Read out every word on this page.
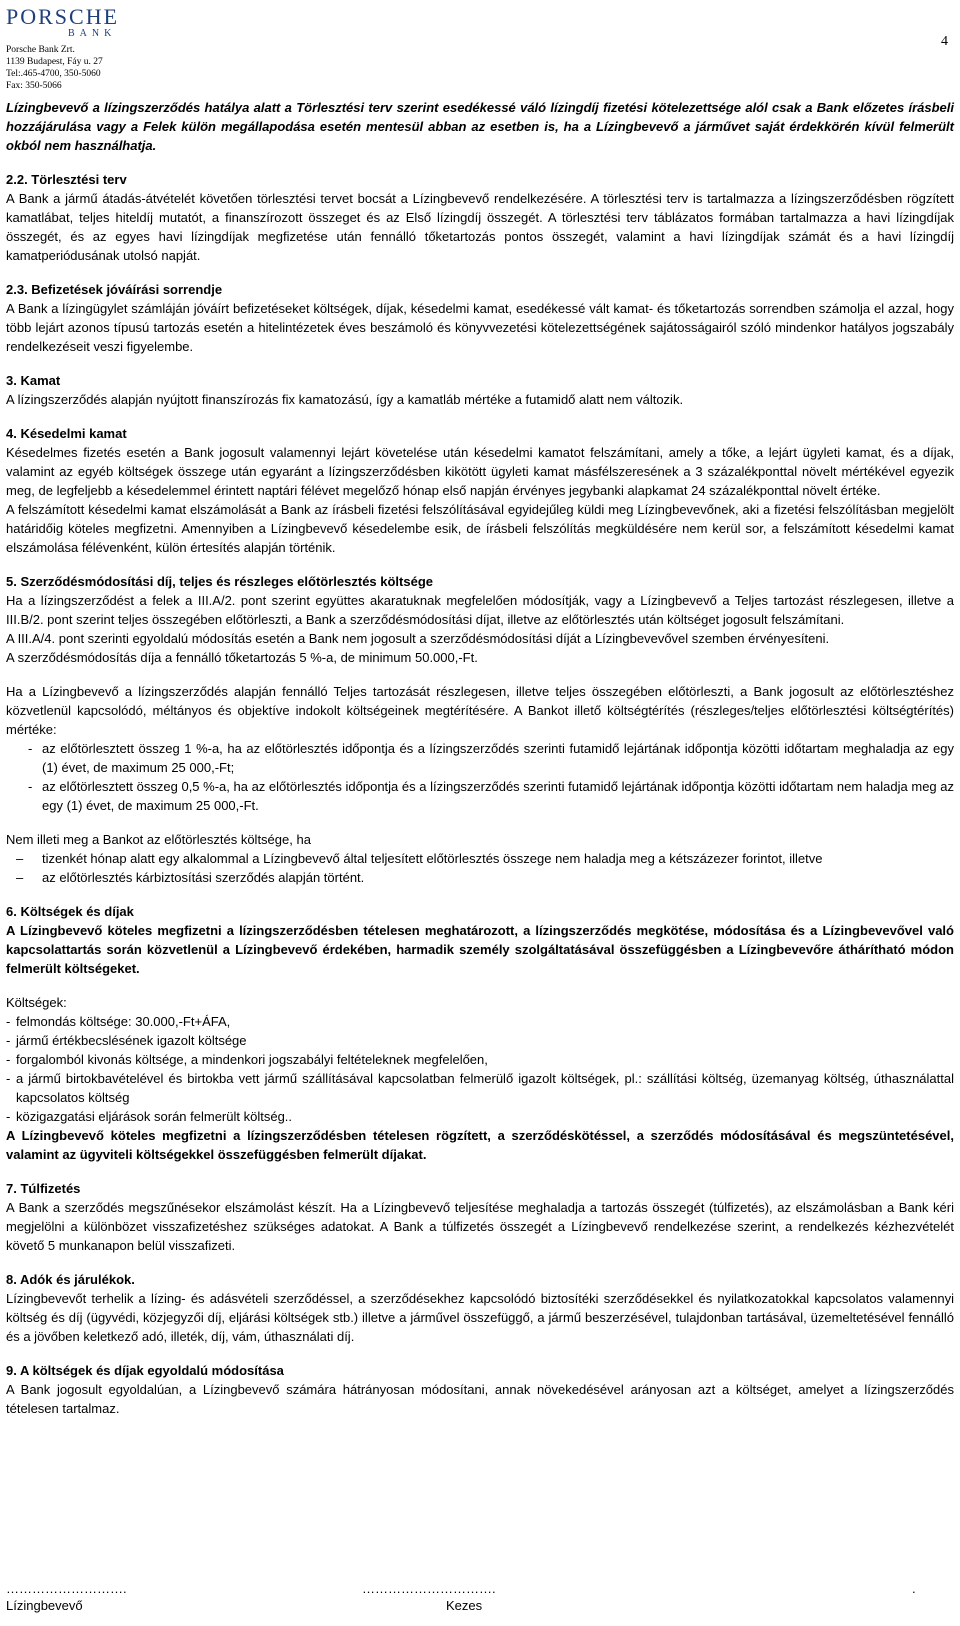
PORSCHE
BANK
Porsche Bank Zrt.
1139 Budapest, Fáy u. 27
Tel:.465-4700, 350-5060
Fax: 350-5066
4

Lízingbevevő a lízingszerződés hatálya alatt a Törlesztési terv szerint esedékessé váló lízingdíj fizetési kötelezettsége alól csak a Bank előzetes írásbeli hozzájárulása vagy a Felek külön megállapodása esetén mentesül abban az esetben is, ha a Lízingbevevő a járművet saját érdekkörén kívül felmerült okból nem használhatja.

2.2. Törlesztési terv

A Bank a jármű átadás-átvételét követően törlesztési tervet bocsát a Lízingbevevő rendelkezésére. A törlesztési terv is tartalmazza a lízingszerződésben rögzített kamatlábat, teljes hiteldíj mutatót, a finanszírozott összeget és az Első lízingdíj összegét. A törlesztési terv táblázatos formában tartalmazza a havi lízingdíjak összegét, és az egyes havi lízingdíjak megfizetése után fennálló tőketartozás pontos összegét, valamint a havi lízingdíjak számát és a havi lízingdíj kamatperiódusának utolsó napját.

2.3. Befizetések jóváírási sorrendje

A Bank a lízingügylet számláján jóváírt befizetéseket költségek, díjak, késedelmi kamat, esedékessé vált kamat- és tőketartozás sorrendben számolja el azzal, hogy több lejárt azonos típusú tartozás esetén a hitelintézetek éves beszámoló és könyvvezetési kötelezettségének sajátosságairól szóló mindenkor hatályos jogszabály rendelkezéseit veszi figyelembe.

3. Kamat

A lízingszerződés alapján nyújtott finanszírozás fix kamatozású, így a kamatláb mértéke a futamidő alatt nem változik.

4. Késedelmi kamat

Késedelmes fizetés esetén a Bank jogosult valamennyi lejárt követelése után késedelmi kamatot felszámítani, amely a tőke, a lejárt ügyleti kamat, és a díjak, valamint az egyéb költségek összege után egyaránt a lízingszerződésben kikötött ügyleti kamat másfélszeresének a 3 százalékponttal növelt mértékével egyezik meg, de legfeljebb a késedelemmel érintett naptári félévet megelőző hónap első napján érvényes jegybanki alapkamat 24 százalékponttal növelt értéke.

A felszámított késedelmi kamat elszámolását a Bank az írásbeli fizetési felszólításával egyidejűleg küldi meg Lízingbevevőnek, aki a fizetési felszólításban megjelölt határidőig köteles megfizetni. Amennyiben a Lízingbevevő késedelembe esik, de írásbeli felszólítás megküldésére nem kerül sor, a felszámított késedelmi kamat elszámolása félévenként, külön értesítés alapján történik.

5. Szerződésmódosítási díj, teljes és részleges előtörlesztés költsége

Ha a lízingszerződést a felek a III.A/2. pont szerint együttes akaratuknak megfelelően módosítják, vagy a Lízingbevevő a Teljes tartozást részlegesen, illetve a III.B/2. pont szerint teljes összegében előtörleszti, a Bank a szerződésmódosítási díjat, illetve az előtörlesztés után költséget jogosult felszámítani.

A III.A/4. pont szerinti egyoldalú módosítás esetén a Bank nem jogosult a szerződésmódosítási díját a Lízingbevevővel szemben érvényesíteni.

A szerződésmódosítás díja a fennálló tőketartozás 5 %-a, de minimum 50.000,-Ft.

Ha a Lízingbevevő a lízingszerződés alapján fennálló Teljes tartozását részlegesen, illetve teljes összegében előtörleszti, a Bank jogosult az előtörlesztéshez közvetlenül kapcsolódó, méltányos és objektíve indokolt költségeinek megtérítésére. A Bankot illető költségtérítés (részleges/teljes előtörlesztési költségtérítés) mértéke:

- az előtörlesztett összeg 1 %-a, ha az előtörlesztés időpontja és a lízingszerződés szerinti futamidő lejártának időpontja közötti időtartam meghaladja az egy (1) évet, de maximum 25 000,-Ft;
- az előtörlesztett összeg 0,5 %-a, ha az előtörlesztés időpontja és a lízingszerződés szerinti futamidő lejártának időpontja közötti időtartam nem haladja meg az egy (1) évet, de maximum 25 000,-Ft.

Nem illeti meg a Bankot az előtörlesztés költsége, ha

–	tizenkét hónap alatt egy alkalommal a Lízingbevevő által teljesített előtörlesztés összege nem haladja meg a kétszázezer forintot, illetve
–	az előtörlesztés kárbiztosítási szerződés alapján történt.

6. Költségek és díjak

A Lízingbevevő köteles megfizetni a lízingszerződésben tételesen meghatározott, a lízingszerződés megkötése, módosítása és a Lízingbevevővel való kapcsolattartás során közvetlenül a Lízingbevevő érdekében, harmadik személy szolgáltatásával összefüggésben a Lízingbevevőre áthárítható módon felmerült költségeket.

Költségek:

- felmondás költsége: 30.000,-Ft+ÁFA,
- jármű értékbecslésének igazolt költsége
- forgalomból kivonás költsége, a mindenkori jogszabályi feltételeknek megfelelően,
- a jármű birtokbavételével és birtokba vett jármű szállításával kapcsolatban felmerülő igazolt költségek, pl.: szállítási költség, üzemanyag költség, úthasználattal kapcsolatos költség
- közigazgatási eljárások során felmerült költség..

A Lízingbevevő köteles megfizetni a lízingszerződésben tételesen rögzített, a szerződéskötéssel, a szerződés módosításával és megszüntetésével, valamint az ügyviteli költségekkel összefüggésben felmerült díjakat.

7. Túlfizetés

A Bank a szerződés megszűnésekor elszámolást készít. Ha a Lízingbevevő teljesítése meghaladja a tartozás összegét (túlfizetés), az elszámolásban a Bank kéri megjelölni a különbözet visszafizetéshez szükséges adatokat. A Bank a túlfizetés összegét a Lízingbevevő rendelkezése szerint, a rendelkezés kézhezvételét követő 5 munkanapon belül visszafizeti.

8. Adók és járulékok.

Lízingbevevőt terhelik a lízing- és adásvételi szerződéssel, a szerződésekhez kapcsolódó biztosítéki szerződésekkel és nyilatkozatokkal kapcsolatos valamennyi költség és díj (ügyvédi, közjegyzői díj, eljárási költségek stb.) illetve a járművel összefüggő, a jármű beszerzésével, tulajdonban tartásával, üzemeltetésével fennálló és a jövőben keletkező adó, illeték, díj, vám, úthasználati díj.

9. A költségek és díjak egyoldalú módosítása

A Bank jogosult egyoldalúan, a Lízingbevevő számára hátrányosan módosítani, annak növekedésével arányosan azt a költséget, amelyet a lízingszerződés tételesen tartalmaz.

……………………….
Lízingbevevő
………………………….
Kezes
.
